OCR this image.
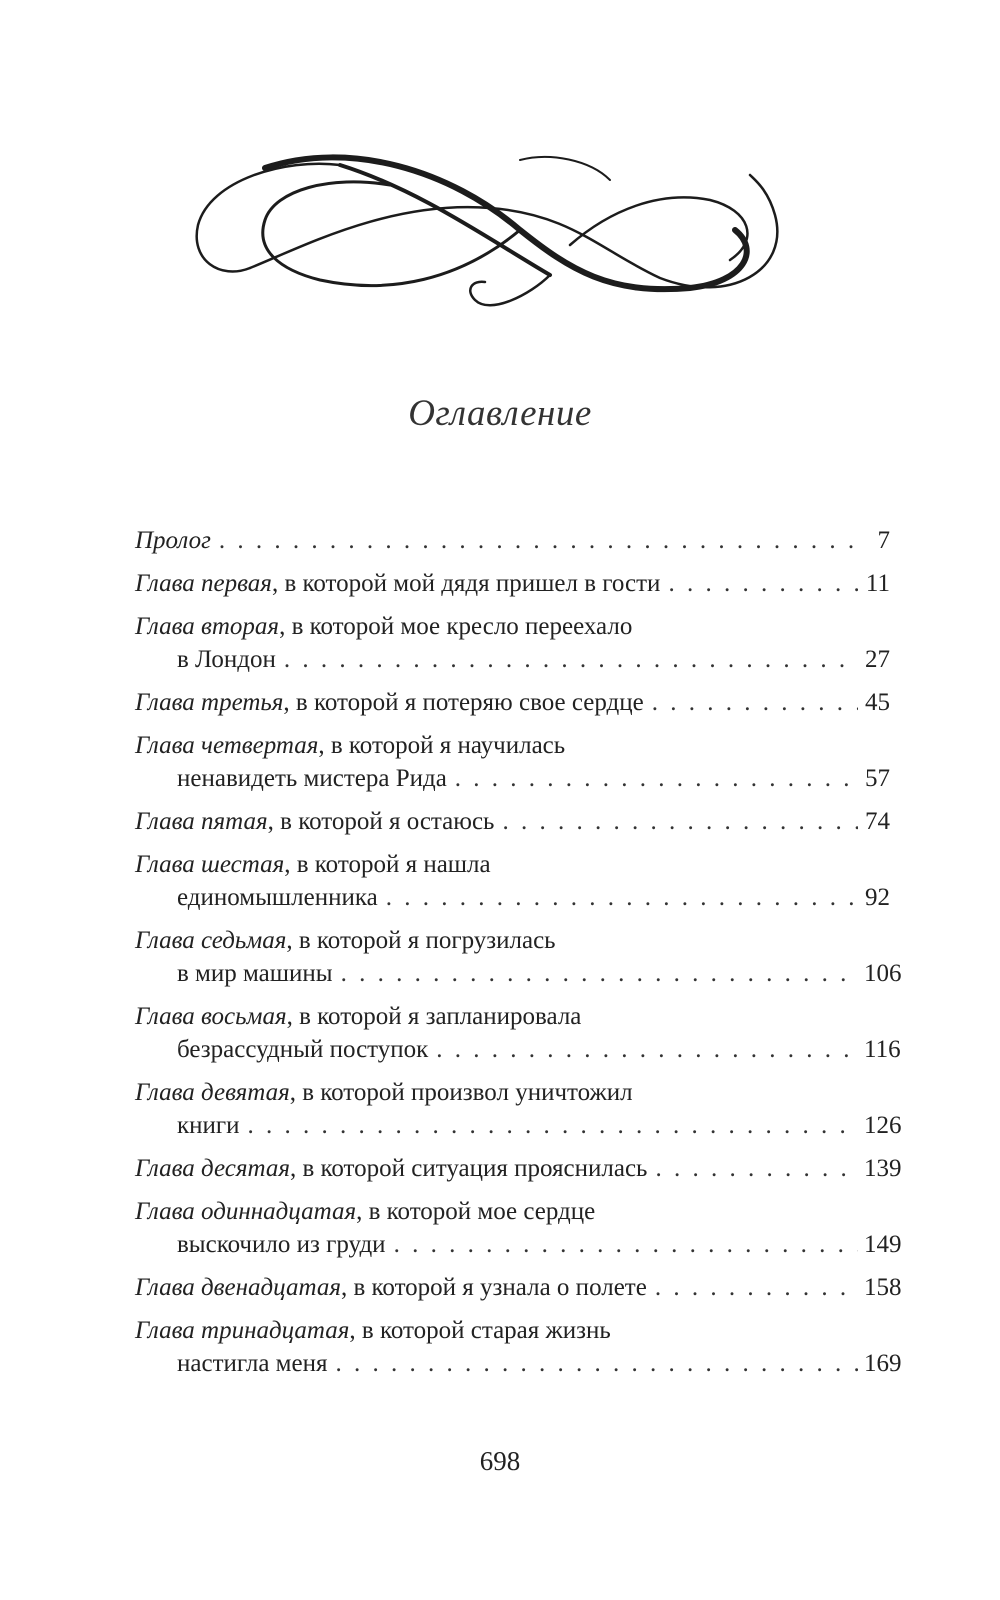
Оглавление
Пролог . . .	7
Глава первая , в которой мой дядя пришел в гости . . .	11
Глава вторая , в которой мое кресло переехало
в Лондон . . .	27
Глава третья , в которой я потеряю свое сердце . . .	45
Глава четвертая , в которой я научилась
ненавидеть мистера Рида . . .	57
Глава пятая , в которой я остаюсь . . .	74
Глава шестая , в которой я нашла
единомышленника . . .	92
Глава седьмая , в которой я погрузилась
в мир машины . . .	106
Глава восьмая , в которой я запланировала
безрассудный поступок . . .	116
Глава девятая , в которой произвол уничтожил
книги . . .	126
Глава десятая , в которой ситуация прояснилась . . .	139
Глава одиннадцатая , в которой мое сердце
выскочило из груди . . .	149
Глава двенадцатая , в которой я узнала о полете . . .	158
Глава тринадцатая , в которой старая жизнь
настигла меня . . .	169
698
